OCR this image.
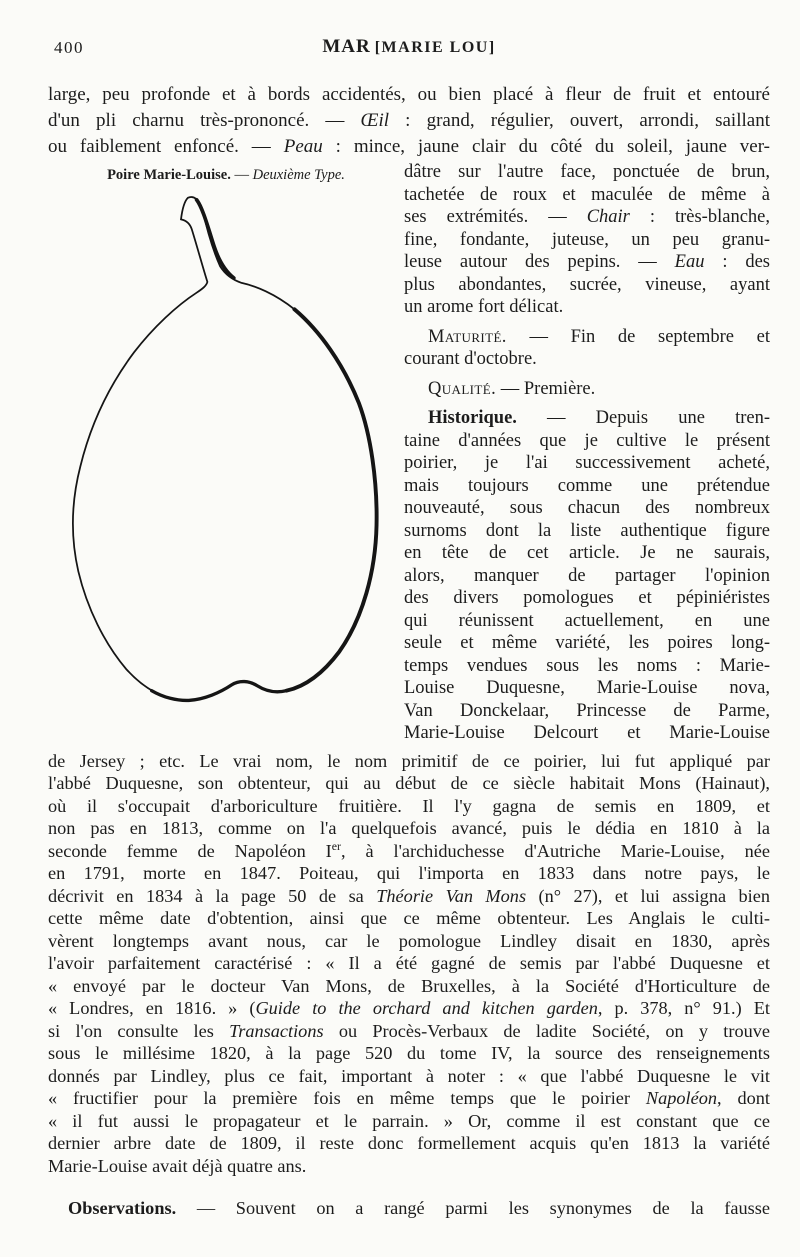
400	MAR [MARIE LOU]
large, peu profonde et à bords accidentés, ou bien placé à fleur de fruit et entouré
d'un pli charnu très-prononcé. — Œil : grand, régulier, ouvert, arrondi, saillant
ou faiblement enfoncé. — Peau : mince, jaune clair du côté du soleil, jaune ver-
Poire Marie-Louise. — Deuxième Type.	dâtre sur l'autre face, ponctuée de brun,
tachetée de roux et maculée de même à
ses extrémités. — Chair : très-blanche,
fine, fondante, juteuse, un peu granu-
leuse autour des pepins. — Eau : des
plus abondantes, sucrée, vineuse, ayant
un arome fort délicat.
Maturité. — Fin de septembre et
courant d'octobre.
Qualité. — Première.
Historique. — Depuis une tren-
taine d'années que je cultive le présent
poirier, je l'ai successivement acheté,
mais toujours comme une prétendue
nouveauté, sous chacun des nombreux
surnoms dont la liste authentique figure
en tête de cet article. Je ne saurais,
alors, manquer de partager l'opinion
des divers pomologues et pépiniéristes
qui réunissent actuellement, en une
seule et même variété, les poires long-
temps vendues sous les noms : Marie-
Louise Duquesne, Marie-Louise nova,
Van Donckelaar, Princesse de Parme,
Marie-Louise Delcourt et Marie-Louise
de Jersey ; etc. Le vrai nom, le nom primitif de ce poirier, lui fut appliqué par
l'abbé Duquesne, son obtenteur, qui au début de ce siècle habitait Mons (Hainaut),
où il s'occupait d'arboriculture fruitière. Il l'y gagna de semis en 1809, et
non pas en 1813, comme on l'a quelquefois avancé, puis le dédia en 1810 à la
seconde femme de Napoléon Ier, à l'archiduchesse d'Autriche Marie-Louise, née
en 1791, morte en 1847. Poiteau, qui l'importa en 1833 dans notre pays, le
décrivit en 1834 à la page 50 de sa Théorie Van Mons (n° 27), et lui assigna bien
cette même date d'obtention, ainsi que ce même obtenteur. Les Anglais le culti-
vèrent longtemps avant nous, car le pomologue Lindley disait en 1830, après
l'avoir parfaitement caractérisé : « Il a été gagné de semis par l'abbé Duquesne et
« envoyé par le docteur Van Mons, de Bruxelles, à la Société d'Horticulture de
« Londres, en 1816. » (Guide to the orchard and kitchen garden, p. 378, n° 91.) Et
si l'on consulte les Transactions ou Procès-Verbaux de ladite Société, on y trouve
sous le millésime 1820, à la page 520 du tome IV, la source des renseignements
donnés par Lindley, plus ce fait, important à noter : « que l'abbé Duquesne le vit
« fructifier pour la première fois en même temps que le poirier Napoléon, dont
« il fut aussi le propagateur et le parrain. » Or, comme il est constant que ce
dernier arbre date de 1809, il reste donc formellement acquis qu'en 1813 la variété
Marie-Louise avait déjà quatre ans.
Observations. — Souvent on a rangé parmi les synonymes de la fausse
